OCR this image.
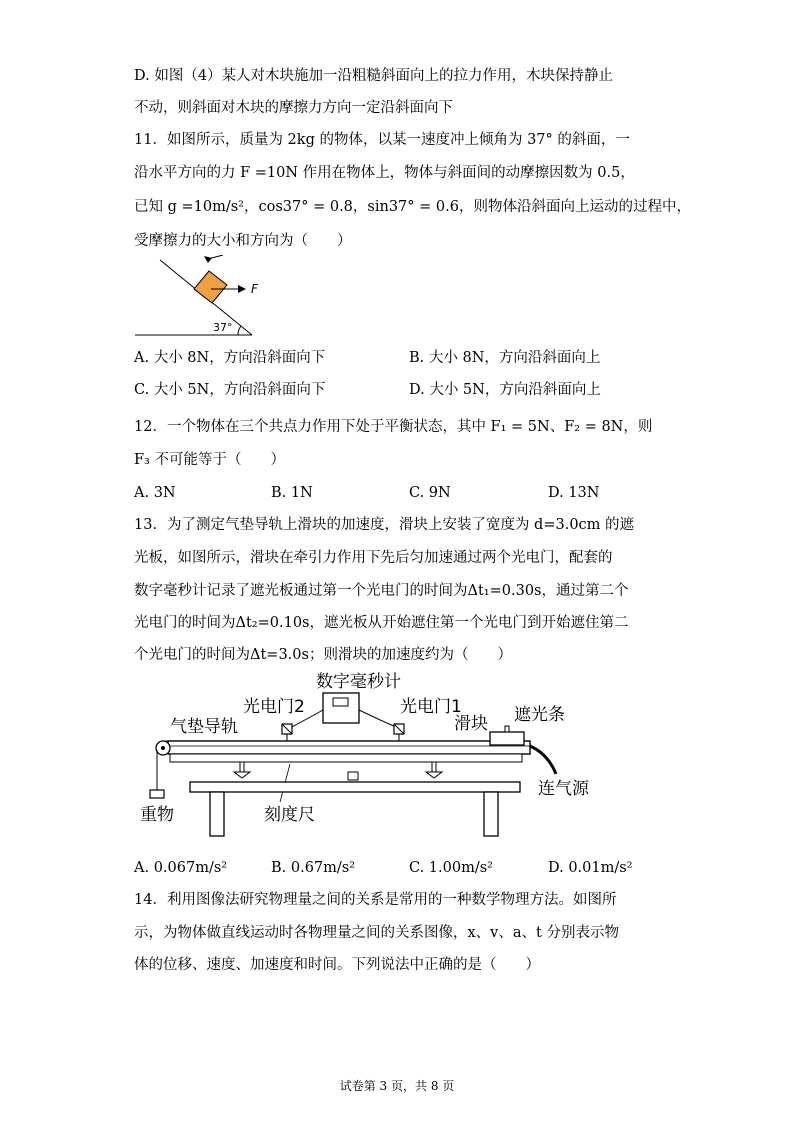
D. 如图（4）某人对木块施加一沿粗糙斜面向上的拉力作用，木块保持静止
不动，则斜面对木块的摩擦力方向一定沿斜面向下
11．如图所示，质量为 2kg 的物体，以某一速度冲上倾角为 37° 的斜面，一
沿水平方向的力 F =10N 作用在物体上，物体与斜面间的动摩擦因数为 0.5，
已知 g =10m/s²，cos37° = 0.8，sin37° = 0.6，则物体沿斜面向上运动的过程中，
受摩擦力的大小和方向为（　　）
F
37°
A. 大小 8N，方向沿斜面向下	B. 大小 8N，方向沿斜面向上
C. 大小 5N，方向沿斜面向下	D. 大小 5N，方向沿斜面向上
12．一个物体在三个共点力作用下处于平衡状态，其中 F₁ = 5N、F₂ = 8N，则
F₃ 不可能等于（　　）
A. 3N	B. 1N	C. 9N	D. 13N
13．为了测定气垫导轨上滑块的加速度，滑块上安装了宽度为 d=3.0cm 的遮
光板，如图所示，滑块在牵引力作用下先后匀加速通过两个光电门，配套的
数字毫秒计记录了遮光板通过第一个光电门的时间为Δt₁=0.30s，通过第二个
光电门的时间为Δt₂=0.10s，遮光板从开始遮住第一个光电门到开始遮住第二
个光电门的时间为Δt=3.0s；则滑块的加速度约为（　　）
数字毫秒计
光电门2	光电门1
气垫导轨
重物
滑块 遮光条
连气源
刻度尺
A. 0.067m/s²	B. 0.67m/s²	C. 1.00m/s²	D. 0.01m/s²
14．利用图像法研究物理量之间的关系是常用的一种数学物理方法。如图所
示，为物体做直线运动时各物理量之间的关系图像，x、v、a、t 分别表示物
体的位移、速度、加速度和时间。下列说法中正确的是（　　）
试卷第 3 页，共 8 页
